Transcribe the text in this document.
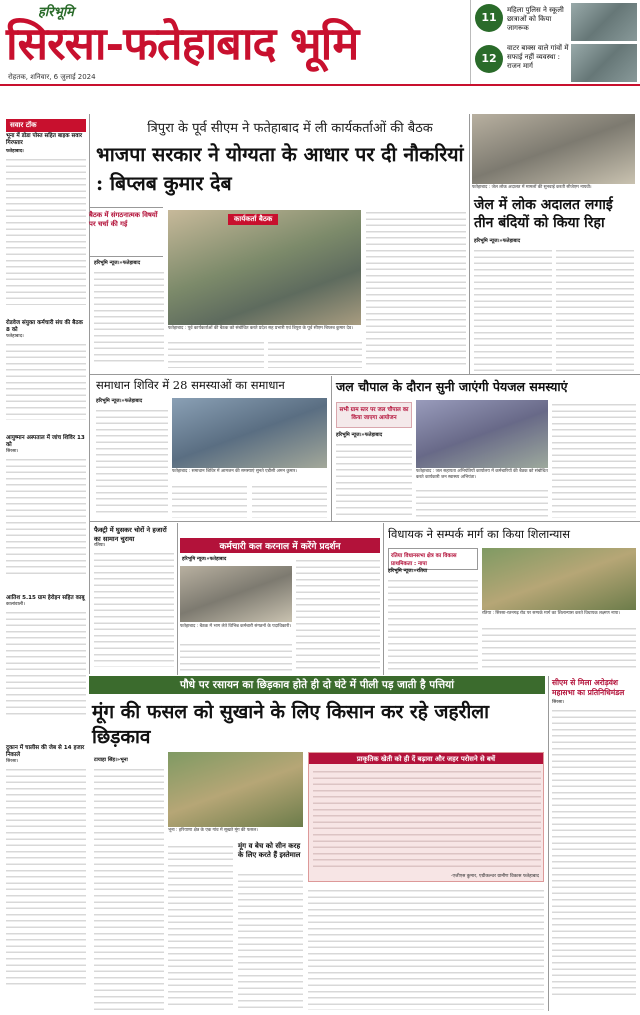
हरिभूमि
सिरसा-फतेहाबाद भूमि
रोहतक, शनिवार, 6 जुलाई 2024
11
महिला पुलिस ने स्कूली छात्राओं को किया जागरूक
12
वाटर बाक्स वाले गांवों में सफाई नहीं व्यवस्था : राजन मार्ग
सवार टॉक
भूना में डोडा पोस्त सहित बाइक सवार गिरफ्तार
फतेहाबाद।
रोडवेज संयुक्त कर्मचारी संघ की बैठक 8 को
फतेहाबाद।
आयुष्मान अस्पताल में जांच शिविर 13 को
सिरसा।
आतिश 5.15 ग्राम हेरोइन सहित काबू
कालांवाली।
दुकान में चालीस की जेब से 14 हजार निकाले
सिरसा।
त्रिपुरा के पूर्व सीएम ने फतेहाबाद में ली कार्यकर्ताओं की बैठक
भाजपा सरकार ने योग्यता के आधार पर दी नौकरियां : बिप्लब कुमार देब
बैठक में संगठनात्मक विषयों पर चर्चा की गई
हरिभूमि न्यूज।»फतेहाबाद
कार्यकर्ता बैठक
फतेहाबाद : पूर्व कार्यकर्ताओं की बैठक को संबोधित करते प्रदेश सह प्रभारी एवं त्रिपुरा के पूर्व सीएम बिप्लब कुमार देव।
फतेहाबाद : जेल लोक अदालत में मामलों की सुनवाई करती सीजेएम नायवी।
जेल में लोक अदालत लगाई तीन बंदियों को किया रिहा
हरिभूमि न्यूज।»फतेहाबाद
समाधान शिविर में 28 समस्याओं का समाधान
हरिभूमि न्यूज।»फतेहाबाद
फतेहाबाद : समाधान शिविर में आमजन की समस्याएं सुनते एडीसी अमन कुमार।
जल चौपाल के दौरान सुनी जाएंगी पेयजल समस्याएं
सभी ग्राम स्तर पर जल चौपाल का किया जाएगा आयोजन
हरिभूमि न्यूज।»फतेहाबाद
फतेहाबाद : जल सहायता अभियंतियों कार्यालय में कर्मचारियों की बैठक को संबोधित करते कार्यकारी जन स्वास्थ्य अभियंता।
फैक्ट्री में घुसकर चोरों ने हजारों का सामान चुराया
रतिया।	कर्मचारी कल करनाल में करेंगे प्रदर्शन
हरिभूमि न्यूज।»फतेहाबाद
फतेहाबाद : बैठक में भाग लेते विभिन्न कर्मचारी संगठनों के पदाधिकारी।
विधायक ने सम्पर्क मार्ग का किया शिलान्यास
रतिया विधानसभा क्षेत्र का विकास प्राथमिकता : नापा
हरिभूमि न्यूज।»रतिया
रतिया : सिरसा-रतनगढ़ रोड पर सम्पर्क मार्ग का शिलान्यास करते विधायक लक्ष्मण नापा।
पौधे पर रसायन का छिड़काव होते ही दो घंटे में पीली पड़ जाती है पत्तियां
मूंग की फसल को सुखाने के लिए किसान कर रहे जहरीला छिड़काव
टायाहा सिंह।»भूना
भूना : हरियाणा क्षेत्र के एक गांव में सूखते मूंग की फसल।
मूंग व बेच को सीन करह के लिए करते हैं इस्तेमाल
प्राकृतिक खेती को ही दें बढ़ावा और जहर परोसने से बचें
-एजीएस कुमार, एग्रीकल्चर ग्रामीण विकास फतेहाबाद
सीएम से मिला अरोड़वंश महासभा का प्रतिनिधिमंडल
सिरसा।
